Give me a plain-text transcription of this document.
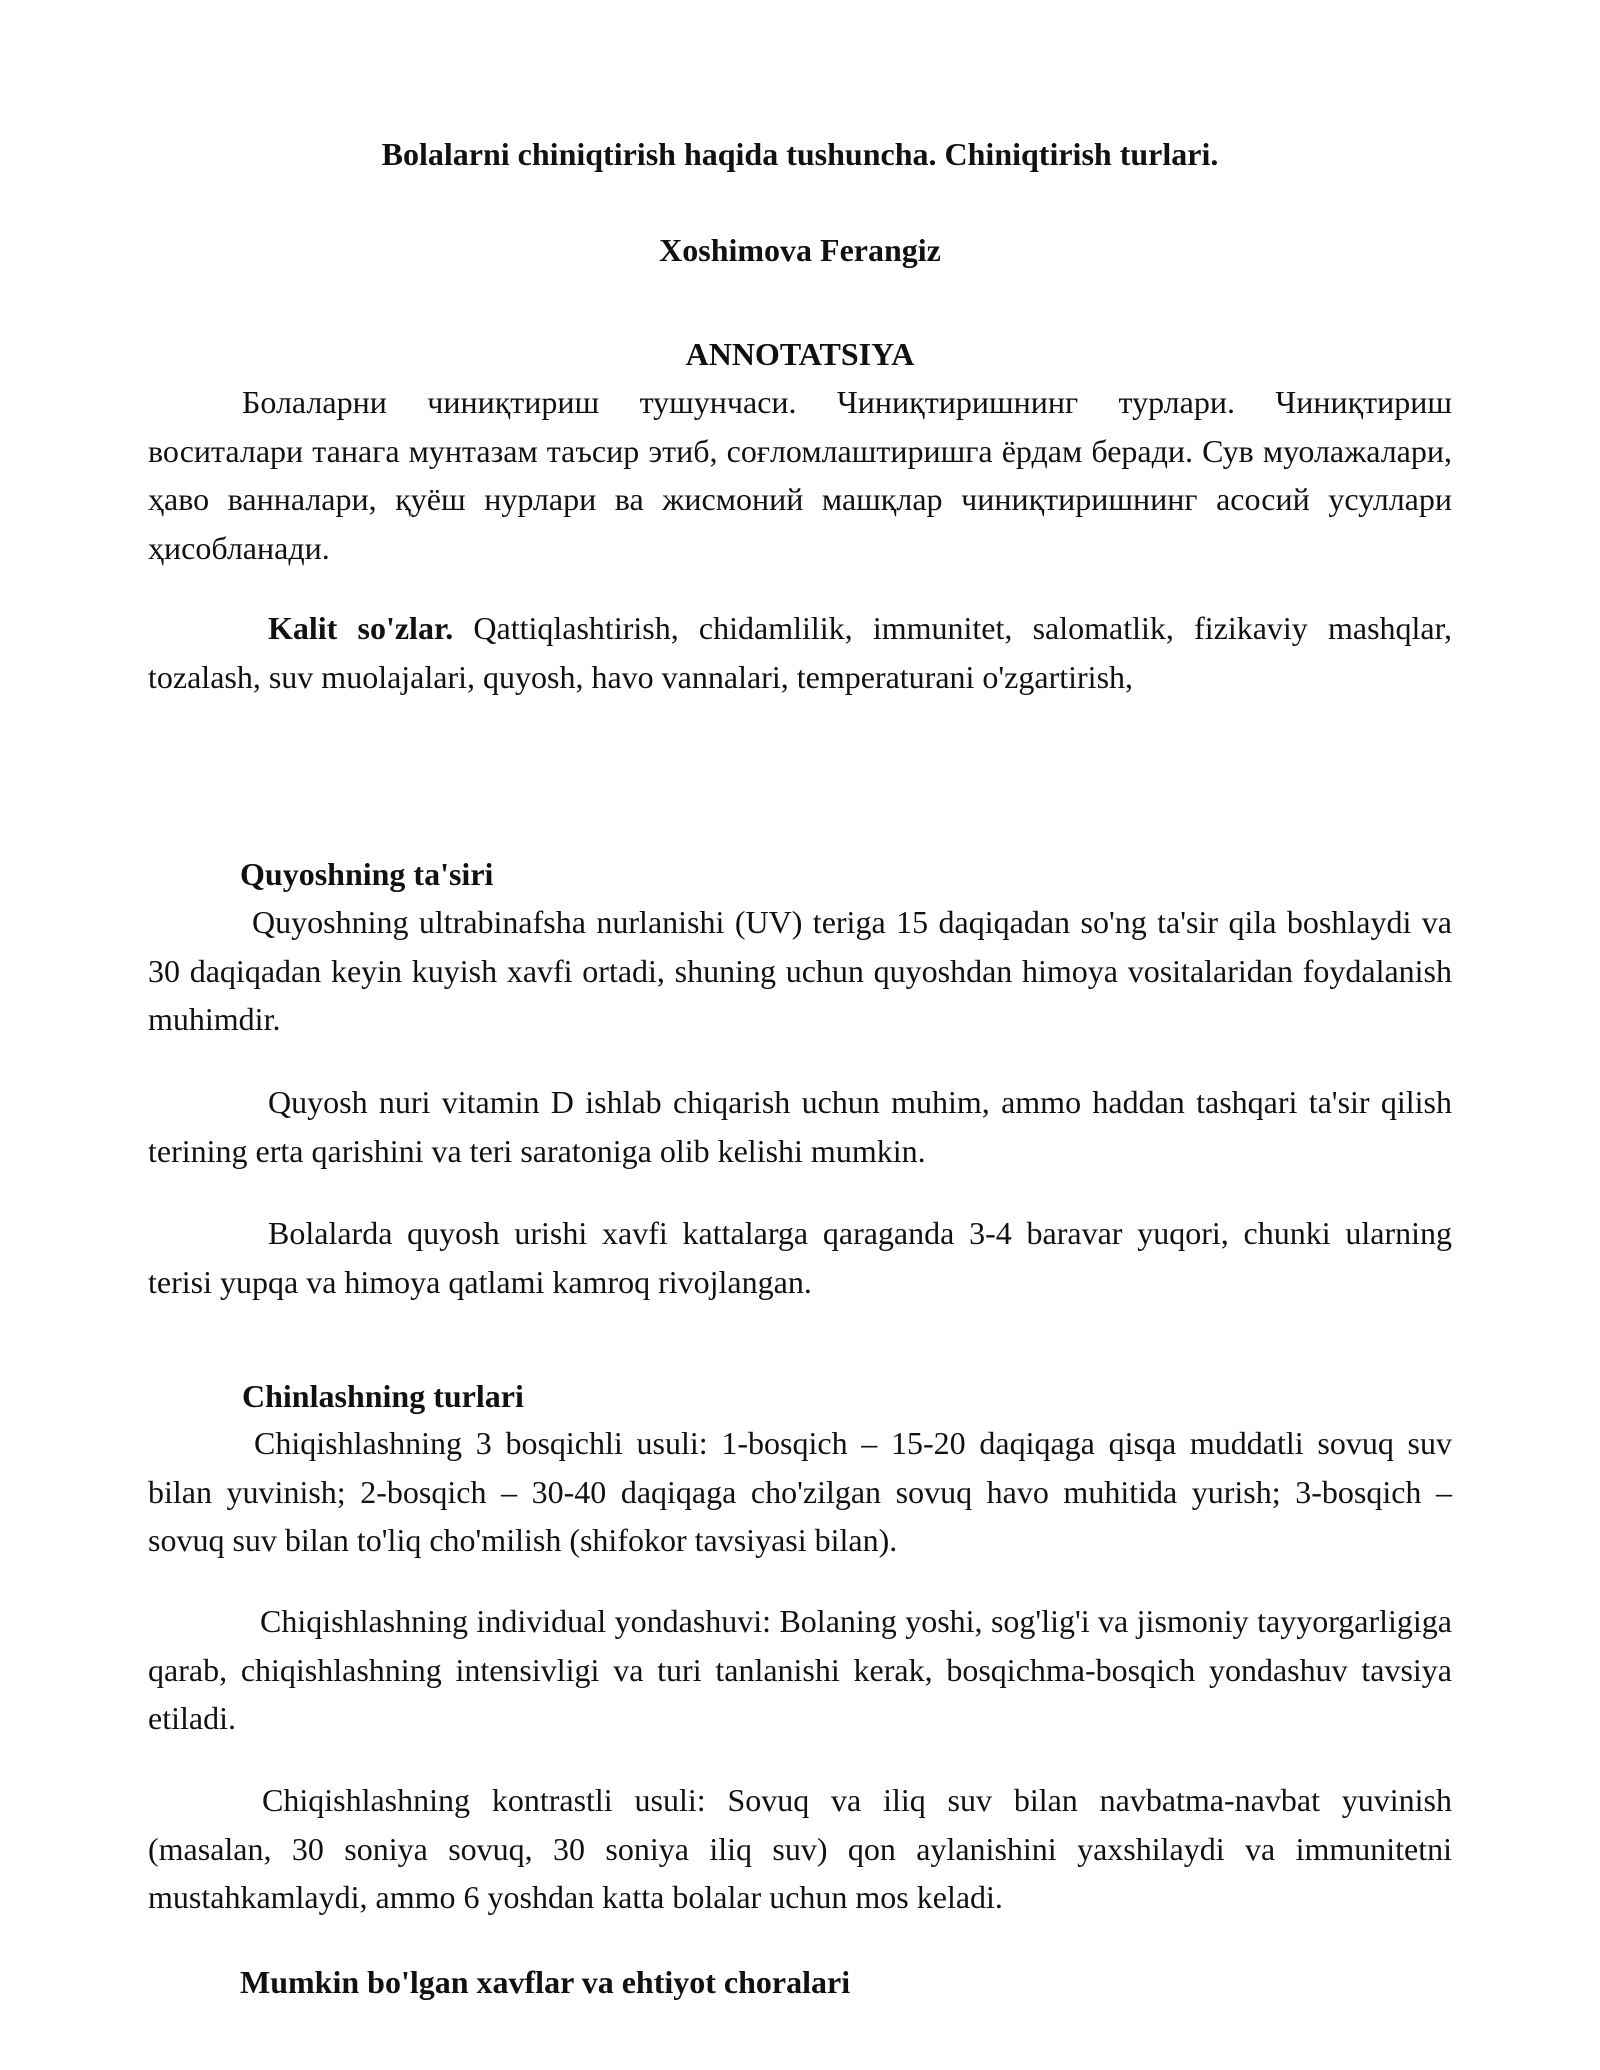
Bolalarni chiniqtirish haqida tushuncha. Chiniqtirish turlari.
Xoshimova Ferangiz
ANNOTATSIYA

Болаларни чиниқтириш тушунчаси. Чиниқтиришнинг турлари. Чиниқтириш воситалари танага мунтазам таъсир этиб, соғломлаштиришга ёрдам беради. Сув муолажалари, ҳаво ванналари, қуёш нурлари ва жисмоний машқлар чиниқтиришнинг асосий усуллари ҳисобланади.

Kalit so'zlar. Qattiqlashtirish, chidamlilik, immunitet, salomatlik, fizikaviy mashqlar, tozalash, suv muolajalari, quyosh, havo vannalari, temperaturani o'zgartirish,

Quyoshning ta'siri

Quyoshning ultrabinafsha nurlanishi (UV) teriga 15 daqiqadan so'ng ta'sir qila boshlaydi va 30 daqiqadan keyin kuyish xavfi ortadi, shuning uchun quyoshdan himoya vositalaridan foydalanish muhimdir.

Quyosh nuri vitamin D ishlab chiqarish uchun muhim, ammo haddan tashqari ta'sir qilish terining erta qarishini va teri saratoniga olib kelishi mumkin.

Bolalarda quyosh urishi xavfi kattalarga qaraganda 3-4 baravar yuqori, chunki ularning terisi yupqa va himoya qatlami kamroq rivojlangan.

Chinlashning turlari

Chiqishlashning 3 bosqichli usuli: 1-bosqich – 15-20 daqiqaga qisqa muddatli sovuq suv bilan yuvinish; 2-bosqich – 30-40 daqiqaga cho'zilgan sovuq havo muhitida yurish; 3-bosqich – sovuq suv bilan to'liq cho'milish (shifokor tavsiyasi bilan).

Chiqishlashning individual yondashuvi: Bolaning yoshi, sog'lig'i va jismoniy tayyorgarligiga qarab, chiqishlashning intensivligi va turi tanlanishi kerak, bosqichma-bosqich yondashuv tavsiya etiladi.

Chiqishlashning kontrastli usuli: Sovuq va iliq suv bilan navbatma-navbat yuvinish (masalan, 30 soniya sovuq, 30 soniya iliq suv) qon aylanishini yaxshilaydi va immunitetni mustahkamlaydi, ammo 6 yoshdan katta bolalar uchun mos keladi.

Mumkin bo'lgan xavflar va ehtiyot choralari
